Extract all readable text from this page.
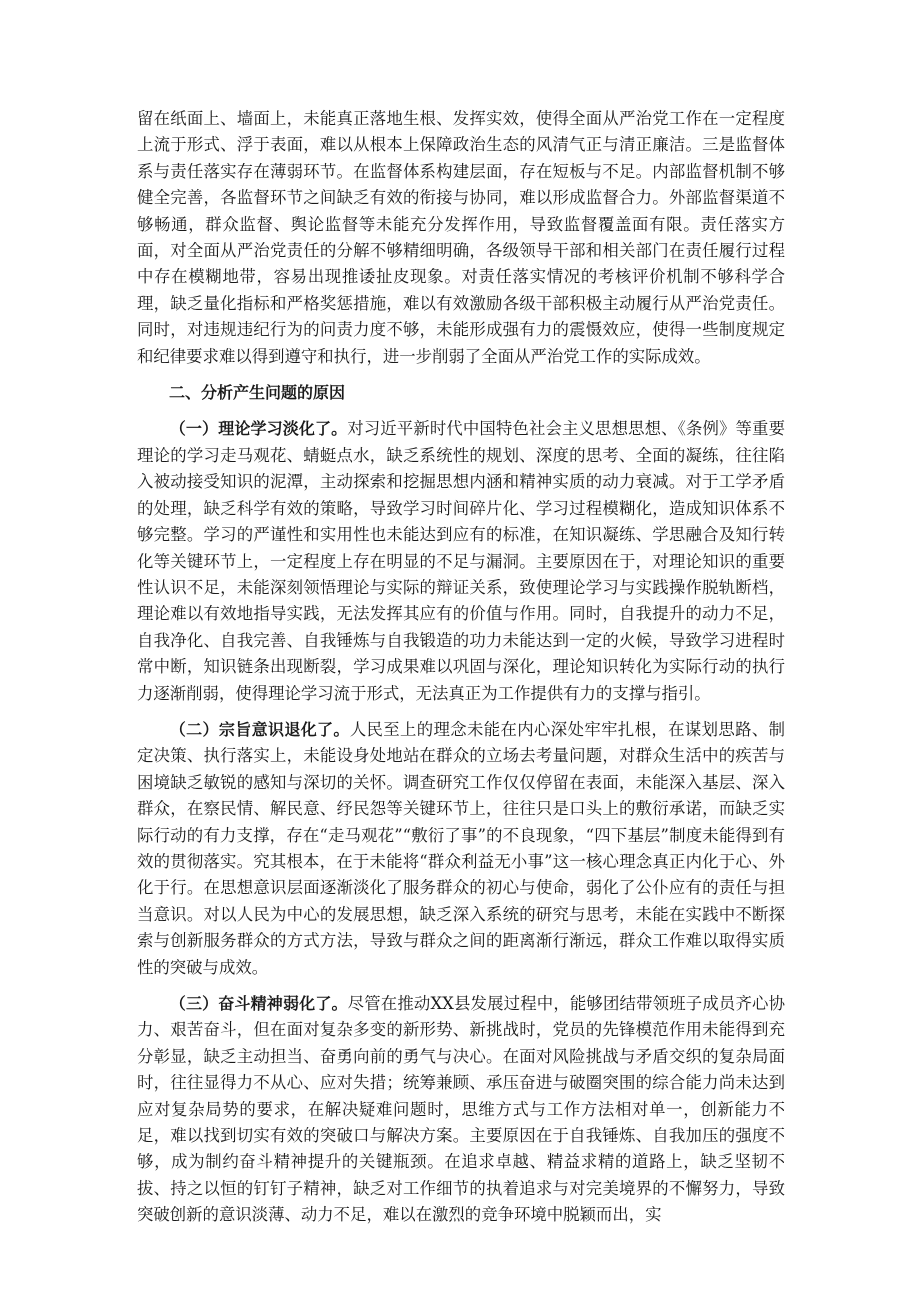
留在纸面上、墙面上，未能真正落地生根、发挥实效，使得全面从严治党工作在一定程度上流于形式、浮于表面，难以从根本上保障政治生态的风清气正与清正廉洁。三是监督体系与责任落实存在薄弱环节。在监督体系构建层面，存在短板与不足。内部监督机制不够健全完善，各监督环节之间缺乏有效的衔接与协同，难以形成监督合力。外部监督渠道不够畅通，群众监督、舆论监督等未能充分发挥作用，导致监督覆盖面有限。责任落实方面，对全面从严治党责任的分解不够精细明确，各级领导干部和相关部门在责任履行过程中存在模糊地带，容易出现推诿扯皮现象。对责任落实情况的考核评价机制不够科学合理，缺乏量化指标和严格奖惩措施，难以有效激励各级干部积极主动履行从严治党责任。同时，对违规违纪行为的问责力度不够，未能形成强有力的震慑效应，使得一些制度规定和纪律要求难以得到遵守和执行，进一步削弱了全面从严治党工作的实际成效。

二、分析产生问题的原因

（一）理论学习淡化了。对习近平新时代中国特色社会主义思想思想、《条例》等重要理论的学习走马观花、蜻蜓点水，缺乏系统性的规划、深度的思考、全面的凝练，往往陷入被动接受知识的泥潭，主动探索和挖掘思想内涵和精神实质的动力衰减。对于工学矛盾的处理，缺乏科学有效的策略，导致学习时间碎片化、学习过程模糊化，造成知识体系不够完整。学习的严谨性和实用性也未能达到应有的标准，在知识凝练、学思融合及知行转化等关键环节上，一定程度上存在明显的不足与漏洞。主要原因在于，对理论知识的重要性认识不足，未能深刻领悟理论与实际的辩证关系，致使理论学习与实践操作脱轨断档，理论难以有效地指导实践，无法发挥其应有的价值与作用。同时，自我提升的动力不足，自我净化、自我完善、自我锤炼与自我锻造的功力未能达到一定的火候，导致学习进程时常中断，知识链条出现断裂，学习成果难以巩固与深化，理论知识转化为实际行动的执行力逐渐削弱，使得理论学习流于形式，无法真正为工作提供有力的支撑与指引。

（二）宗旨意识退化了。人民至上的理念未能在内心深处牢牢扎根，在谋划思路、制定决策、执行落实上，未能设身处地站在群众的立场去考量问题，对群众生活中的疾苦与困境缺乏敏锐的感知与深切的关怀。调查研究工作仅仅停留在表面，未能深入基层、深入群众，在察民情、解民意、纾民怨等关键环节上，往往只是口头上的敷衍承诺，而缺乏实际行动的有力支撑，存在“走马观花”“敷衍了事”的不良现象，“四下基层”制度未能得到有效的贯彻落实。究其根本，在于未能将“群众利益无小事”这一核心理念真正内化于心、外化于行。在思想意识层面逐渐淡化了服务群众的初心与使命，弱化了公仆应有的责任与担当意识。对以人民为中心的发展思想，缺乏深入系统的研究与思考，未能在实践中不断探索与创新服务群众的方式方法，导致与群众之间的距离渐行渐远，群众工作难以取得实质性的突破与成效。

（三）奋斗精神弱化了。尽管在推动XX县发展过程中，能够团结带领班子成员齐心协力、艰苦奋斗，但在面对复杂多变的新形势、新挑战时，党员的先锋模范作用未能得到充分彰显，缺乏主动担当、奋勇向前的勇气与决心。在面对风险挑战与矛盾交织的复杂局面时，往往显得力不从心、应对失措；统筹兼顾、承压奋进与破圈突围的综合能力尚未达到应对复杂局势的要求，在解决疑难问题时，思维方式与工作方法相对单一，创新能力不足，难以找到切实有效的突破口与解决方案。主要原因在于自我锤炼、自我加压的强度不够，成为制约奋斗精神提升的关键瓶颈。在追求卓越、精益求精的道路上，缺乏坚韧不拔、持之以恒的钉钉子精神，缺乏对工作细节的执着追求与对完美境界的不懈努力，导致突破创新的意识淡薄、动力不足，难以在激烈的竞争环境中脱颖而出，实
